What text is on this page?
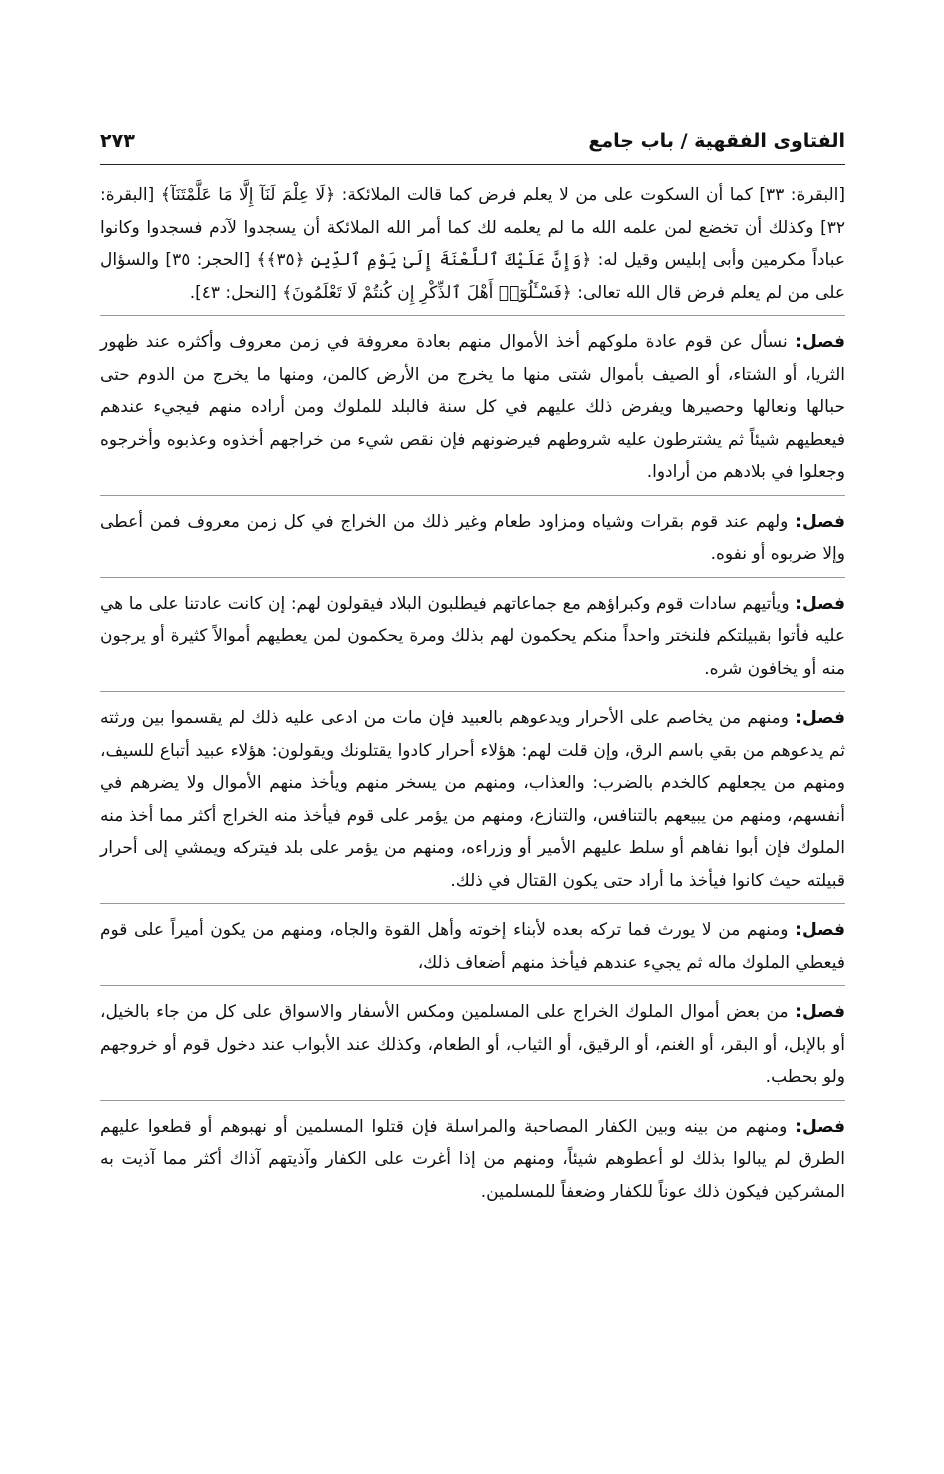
الفتاوى الفقهية / باب جامع
٢٧٣

[البقرة: ٣٣] كما أن السكوت على من لا يعلم فرض كما قالت الملائكة: ﴿لَا عِلْمَ لَنَآ إِلَّا مَا عَلَّمْتَنَآ﴾ [البقرة: ٣٢] وكذلك أن تخضع لمن علمه الله ما لم يعلمه لك كما أمر الله الملائكة أن يسجدوا لآدم فسجدوا وكانوا عباداً مكرمين وأبى إبليس وقيل له: ﴿وَإِنَّ عَلَيْكَ ٱللَّعْنَةَ إِلَىٰ يَوْمِ ٱلدِّينِ ﴿٣٥﴾﴾ [الحجر: ٣٥] والسؤال على من لم يعلم فرض قال الله تعالى: ﴿فَسْـَٔلُوٓا۟ أَهْلَ ٱلذِّكْرِ إِن كُنتُمْ لَا تَعْلَمُونَ﴾ [النحل: ٤٣].

فصل: نسأل عن قوم عادة ملوكهم أخذ الأموال منهم بعادة معروفة في زمن معروف وأكثره عند ظهور الثريا، أو الشتاء، أو الصيف بأموال شتى منها ما يخرج من الأرض كالمن، ومنها ما يخرج من الدوم حتى حبالها ونعالها وحصيرها ويفرض ذلك عليهم في كل سنة فالبلد للملوك ومن أراده منهم فيجيء عندهم فيعطيهم شيئاً ثم يشترطون عليه شروطهم فيرضونهم فإن نقص شيء من خراجهم أخذوه وعذبوه وأخرجوه وجعلوا في بلادهم من أرادوا.

فصل: ولهم عند قوم بقرات وشياه ومزاود طعام وغير ذلك من الخراج في كل زمن معروف فمن أعطى وإلا ضربوه أو نفوه.

فصل: ويأتيهم سادات قوم وكبراؤهم مع جماعاتهم فيطلبون البلاد فيقولون لهم: إن كانت عادتنا على ما هي عليه فأتوا بقبيلتكم فلنختر واحداً منكم يحكمون لهم بذلك ومرة يحكمون لمن يعطيهم أموالاً كثيرة أو يرجون منه أو يخافون شره.

فصل: ومنهم من يخاصم على الأحرار ويدعوهم بالعبيد فإن مات من ادعى عليه ذلك لم يقسموا بين ورثته ثم يدعوهم من بقي باسم الرق، وإن قلت لهم: هؤلاء أحرار كادوا يقتلونك ويقولون: هؤلاء عبيد أتباع للسيف، ومنهم من يجعلهم كالخدم بالضرب: والعذاب، ومنهم من يسخر منهم ويأخذ منهم الأموال ولا يضرهم في أنفسهم، ومنهم من يبيعهم بالتنافس، والتنازع، ومنهم من يؤمر على قوم فيأخذ منه الخراج أكثر مما أخذ منه الملوك فإن أبوا نفاهم أو سلط عليهم الأمير أو وزراءه، ومنهم من يؤمر على بلد فيتركه ويمشي إلى أحرار قبيلته حيث كانوا فيأخذ ما أراد حتى يكون القتال في ذلك.

فصل: ومنهم من لا يورث فما تركه بعده لأبناء إخوته وأهل القوة والجاه، ومنهم من يكون أميراً على قوم فيعطي الملوك ماله ثم يجيء عندهم فيأخذ منهم أضعاف ذلك،

فصل: من بعض أموال الملوك الخراج على المسلمين ومكس الأسفار والاسواق على كل من جاء بالخيل، أو بالإبل، أو البقر، أو الغنم، أو الرقيق، أو الثياب، أو الطعام، وكذلك عند الأبواب عند دخول قوم أو خروجهم ولو بحطب.

فصل: ومنهم من بينه وبين الكفار المصاحبة والمراسلة فإن قتلوا المسلمين أو نهبوهم أو قطعوا عليهم الطرق لم يبالوا بذلك لو أعطوهم شيئاً، ومنهم من إذا أغرت على الكفار وآذيتهم آذاك أكثر مما آذيت به المشركين فيكون ذلك عوناً للكفار وضعفاً للمسلمين.
